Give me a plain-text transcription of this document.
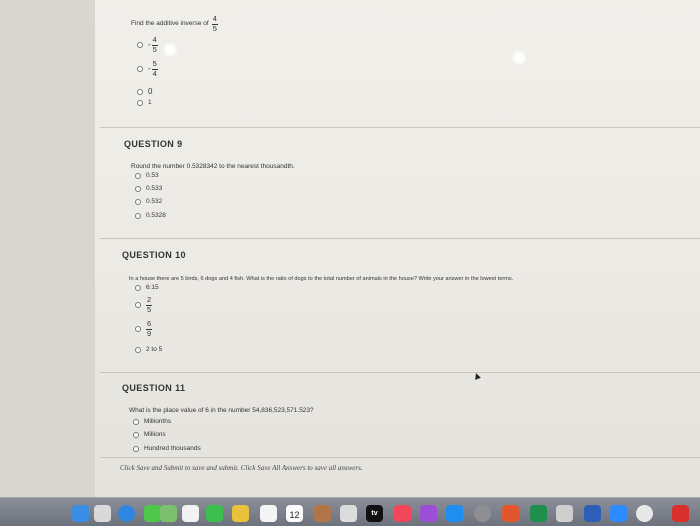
Find the additive inverse of $\frac{4}{5}$
- $\frac{4}{5}$
- $\frac{5}{4}$
0
1
QUESTION 9
Round the number 0.5328342 to the nearest thousandth.
0.53
0.533
0.532
0.5328
QUESTION 10
In a house there are 5 birds, 6 dogs and 4 fish. What is the ratio of dogs to the total number of animals in the house? Write your answer in the lowest terms.
6:15
$\frac{2}{5}$
$\frac{6}{9}$
2 to 5
QUESTION 11
What is the place value of 6 in the number 54,836,523,571.523?
Millionths
Millions
Hundred thousands
Click Save and Submit to save and submit. Click Save All Answers to save all answers.
12	tv
